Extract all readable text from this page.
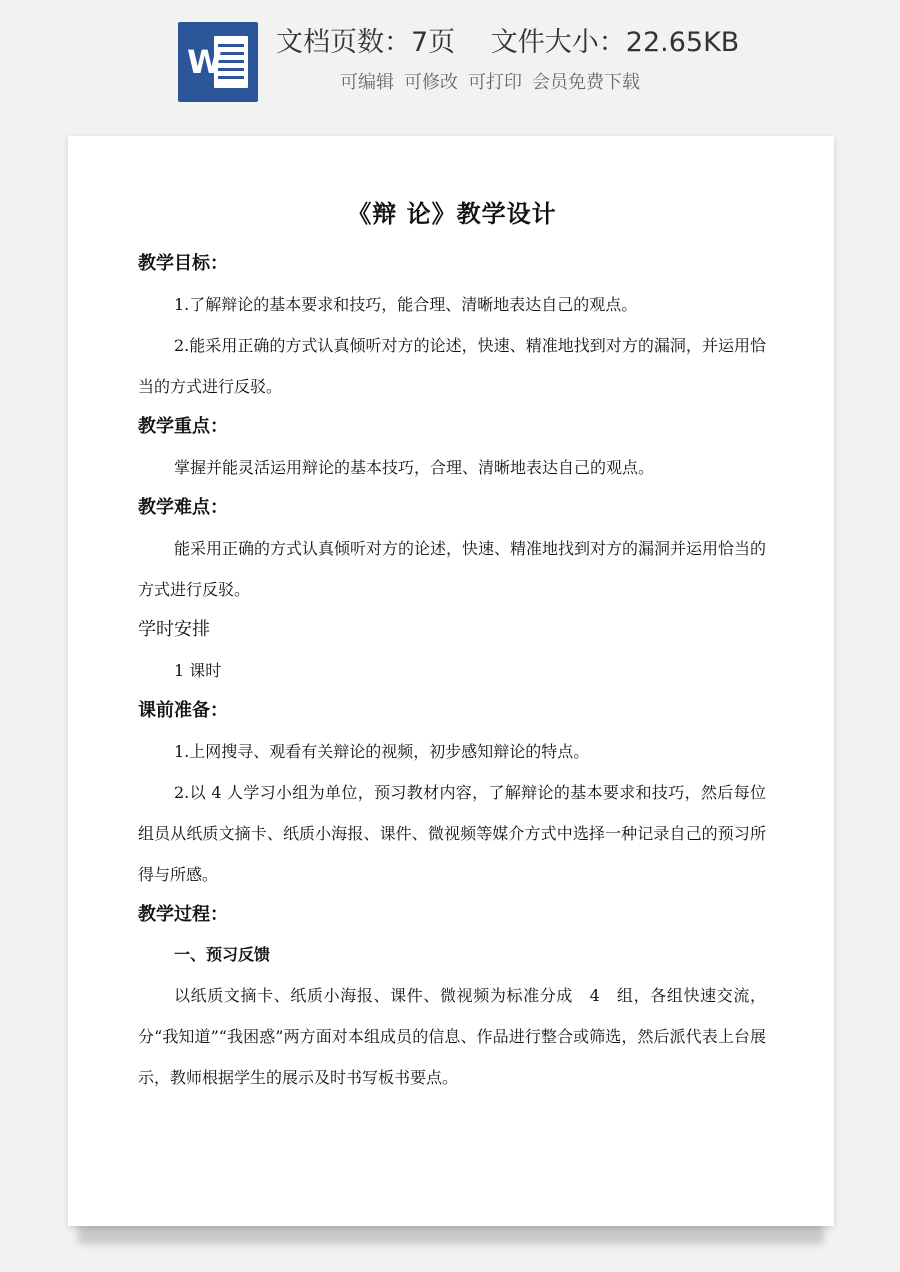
W
文档页数：7页　 文件大小：22.65KB
可编辑 可修改 可打印 会员免费下载
《辩 论》教学设计
教学目标：

1.了解辩论的基本要求和技巧，能合理、清晰地表达自己的观点。

2.能采用正确的方式认真倾听对方的论述，快速、精准地找到对方的漏洞，并运用恰当的方式进行反驳。

教学重点：

掌握并能灵活运用辩论的基本技巧，合理、清晰地表达自己的观点。

教学难点：

能采用正确的方式认真倾听对方的论述，快速、精准地找到对方的漏洞并运用恰当的方式进行反驳。

学时安排

1 课时

课前准备：

1.上网搜寻、观看有关辩论的视频，初步感知辩论的特点。

2.以 4 人学习小组为单位，预习教材内容，了解辩论的基本要求和技巧，然后每位组员从纸质文摘卡、纸质小海报、课件、微视频等媒介方式中选择一种记录自己的预习所得与所感。

教学过程：
一、预习反馈

以纸质文摘卡、纸质小海报、课件、微视频为标准分成　4　组，各组快速交流，分“我知道”“我困惑”两方面对本组成员的信息、作品进行整合或筛选，然后派代表上台展示，教师根据学生的展示及时书写板书要点。
